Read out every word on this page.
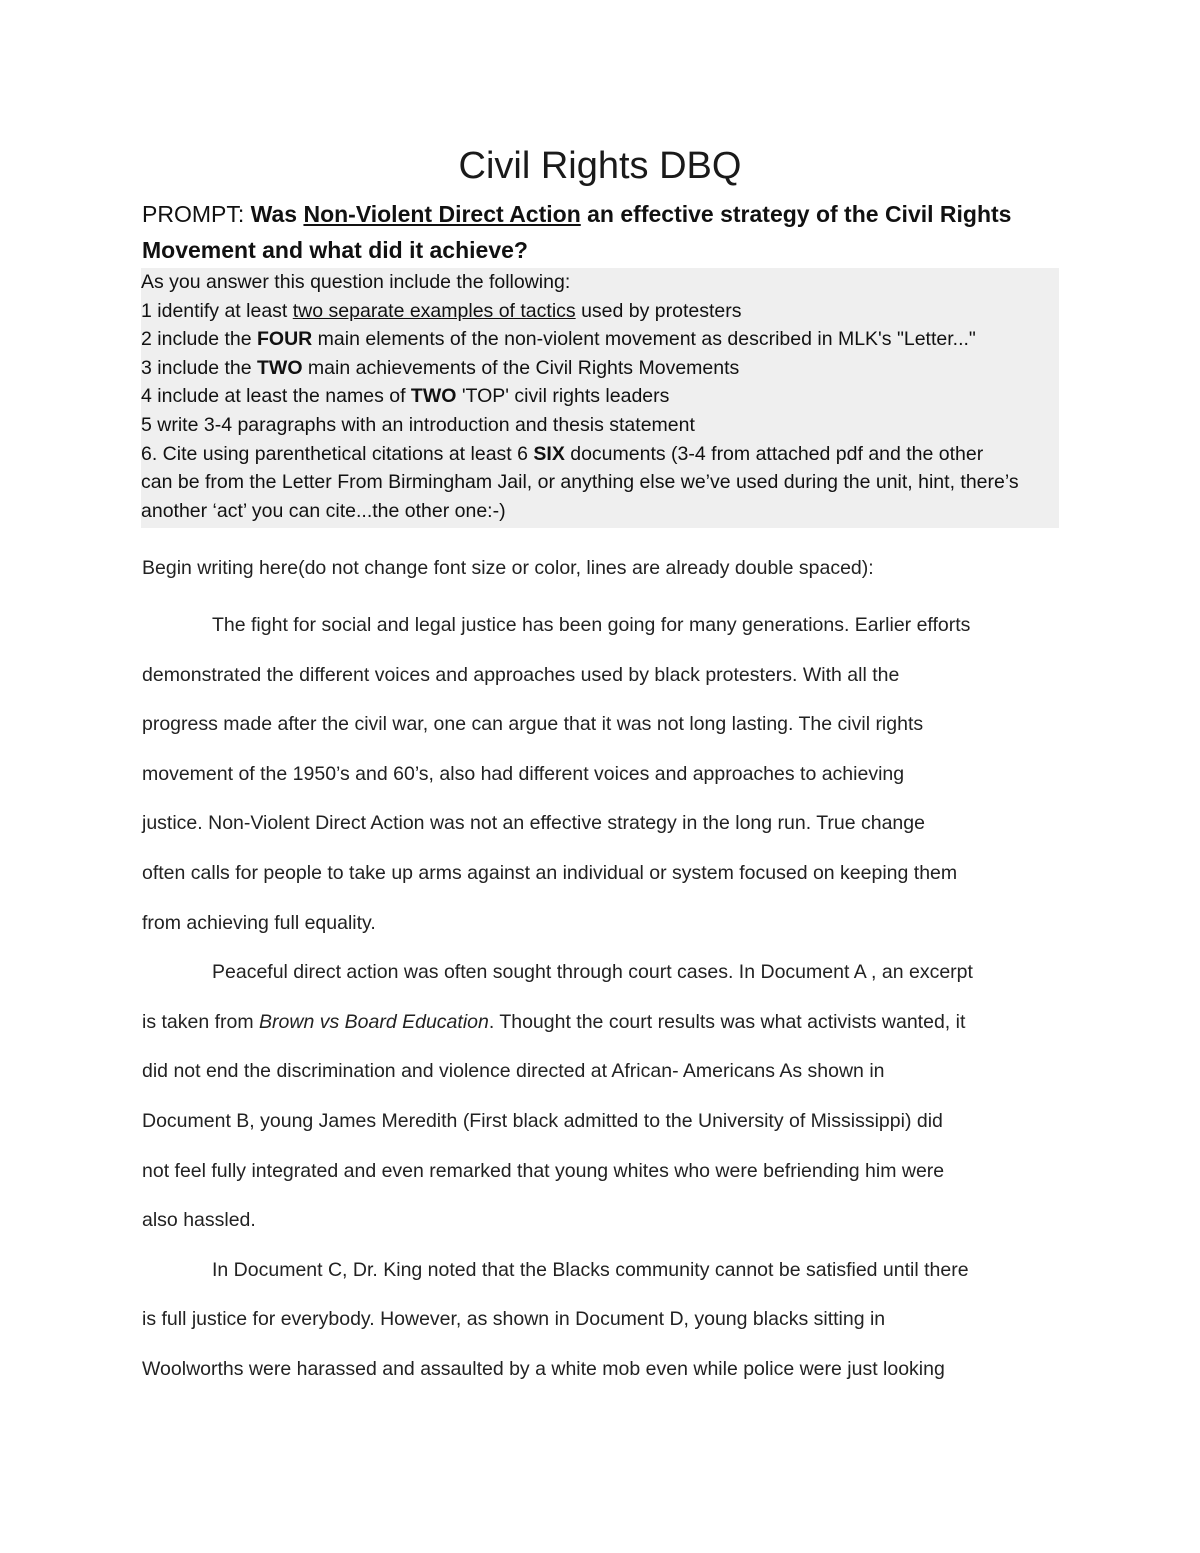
Civil Rights DBQ

PROMPT: Was Non-Violent Direct Action an effective strategy of the Civil Rights Movement and what did it achieve?

As you answer this question include the following:
1 identify at least two separate examples of tactics used by protesters
2 include the FOUR main elements of the non-violent movement as described in MLK's "Letter..."
3 include the TWO main achievements of the Civil Rights Movements
4 include at least the names of TWO 'TOP' civil rights leaders
5 write 3-4 paragraphs with an introduction and thesis statement
6. Cite using parenthetical citations at least 6 SIX documents (3-4 from attached pdf and the other
can be from the Letter From Birmingham Jail, or anything else we’ve used during the unit, hint, there’s
another ‘act’ you can cite...the other one:-)
Begin writing here(do not change font size or color, lines are already double spaced):
The fight for social and legal justice has been going for many generations. Earlier efforts
demonstrated the different voices and approaches used by black protesters. With all the
progress made after the civil war, one can argue that it was not long lasting. The civil rights
movement of the 1950’s and 60’s, also had different voices and approaches to achieving
justice. Non-Violent Direct Action was not an effective strategy in the long run. True change
often calls for people to take up arms against an individual or system focused on keeping them
from achieving full equality.
Peaceful direct action was often sought through court cases. In Document A , an excerpt
is taken from Brown vs Board Education. Thought the court results was what activists wanted, it
did not end the discrimination and violence directed at African- Americans As shown in
Document B, young James Meredith (First black admitted to the University of Mississippi) did
not feel fully integrated and even remarked that young whites who were befriending him were
also hassled.
In Document C, Dr. King noted that the Blacks community cannot be satisfied until there
is full justice for everybody. However, as shown in Document D, young blacks sitting in
Woolworths were harassed and assaulted by a white mob even while police were just looking
